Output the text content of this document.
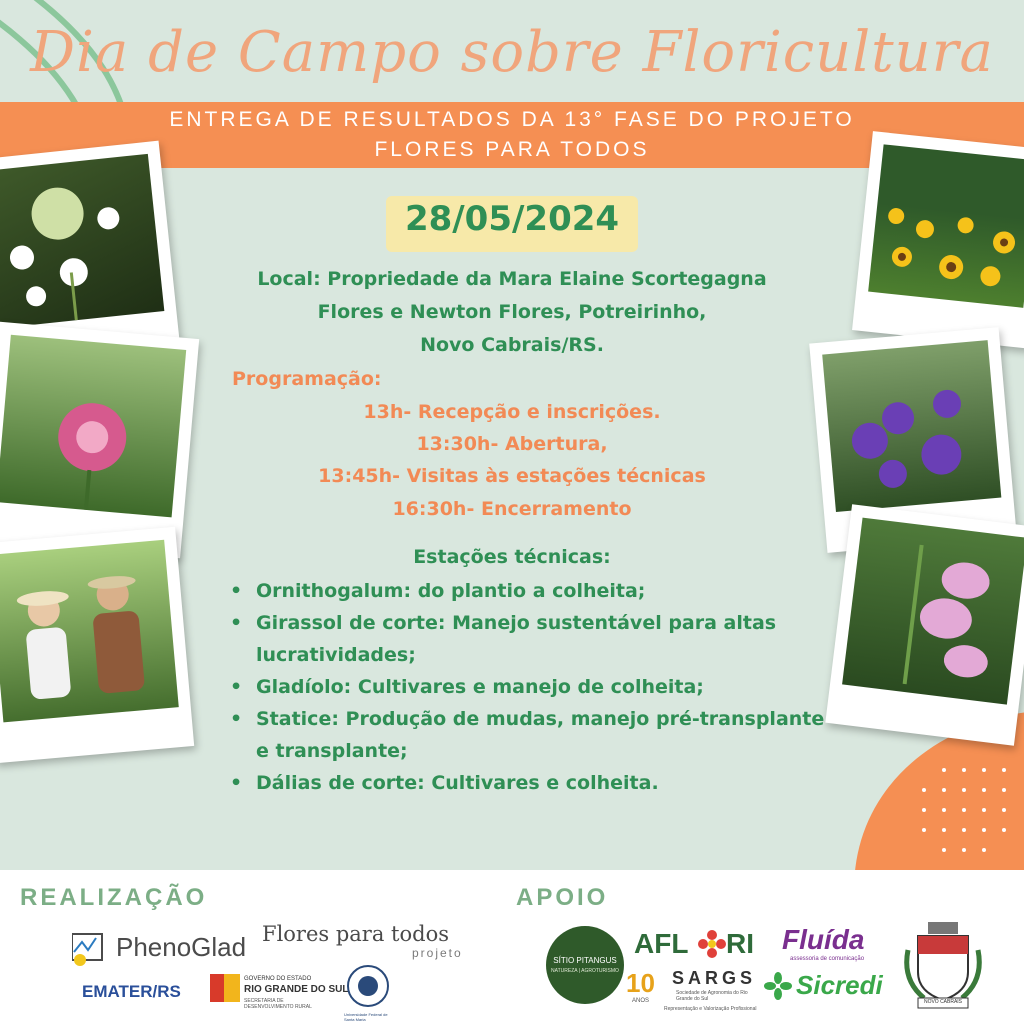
Dia de Campo sobre Floricultura
ENTREGA DE RESULTADOS DA 13° FASE DO PROJETO
FLORES PARA TODOS
28/05/2024
Local: Propriedade da Mara Elaine Scortegagna
Flores e Newton Flores, Potreirinho,
Novo Cabrais/RS.
Programação:
13h- Recepção e inscrições.
13:30h- Abertura,
13:45h- Visitas às estações técnicas
16:30h- Encerramento
Estações técnicas:
• Ornithogalum: do plantio a colheita;
• Girassol de corte: Manejo sustentável para altas lucratividades;
• Gladíolo: Cultivares e manejo de colheita;
• Statice: Produção de mudas, manejo pré-transplante e transplante;
• Dálias de corte: Cultivares e colheita.
REALIZAÇÃO	APOIO
PhenoGlad Flores para todos
projeto
EMATER/RS
GOVERNO DO ESTADO
RIO GRANDE DO SUL
SECRETARIA DE DESENVOLVIMENTO RURAL
Universidade Federal de Santa Maria
SÍTIO PITANGUS
NATUREZA | AGROTURISMO
AFL RI Fluída
assessoria de comunicação
10
ANOS
SARGS
Sociedade de Agronomia do Rio Grande do Sul
Representação e Valorização Profissional
Sicredi
NOVO CABRAIS
